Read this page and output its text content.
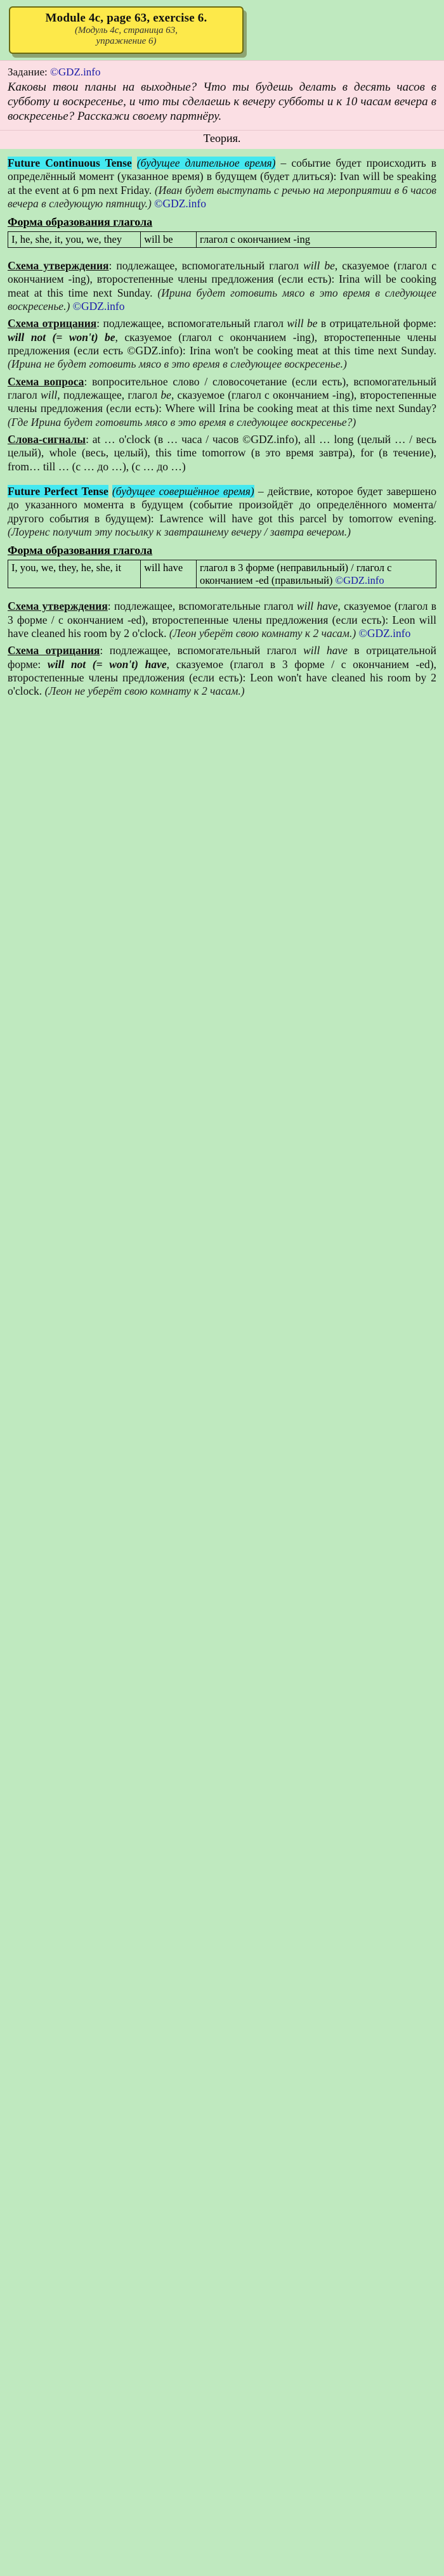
Module 4c, page 63, exercise 6.
(Модуль 4c, страница 63,
упражнение 6)
Задание: ©GDZ.info
Каковы твои планы на выходные? Что ты будешь делать в десять часов в субботу и воскресенье, и что ты сделаешь к вечеру субботы и к 10 часам вечера в воскресенье? Расскажи своему партнёру.
Теория.

Future Continuous Tense (будущее длительное время) – событие будет происходить в определённый момент (указанное время) в будущем (будет длиться): Ivan will be speaking at the event at 6 pm next Friday. (Иван будет выступать с речью на мероприятии в 6 часов вечера в следующую пятницу.) ©GDZ.info

Форма образования глагола
I, he, she, it, you, we, they	will be	глагол с окончанием -ing

Схема утверждения: подлежащее, вспомогательный глагол will be, сказуемое (глагол с окончанием -ing), второстепенные члены предложения (если есть): Irina will be cooking meat at this time next Sunday. (Ирина будет готовить мясо в это время в следующее воскресенье.) ©GDZ.info

Схема отрицания: подлежащее, вспомогательный глагол will be в отрицательной форме: will not (= won't) be, сказуемое (глагол с окончанием -ing), второстепенные члены предложения (если есть ©GDZ.info): Irina won't be cooking meat at this time next Sunday. (Ирина не будет готовить мясо в это время в следующее воскресенье.)

Схема вопроса: вопросительное слово / словосочетание (если есть), вспомогательный глагол will, подлежащее, глагол be, сказуемое (глагол с окончанием -ing), второстепенные члены предложения (если есть): Where will Irina be cooking meat at this time next Sunday? (Где Ирина будет готовить мясо в это время в следующее воскресенье?)

Слова-сигналы: at … o'clock (в … часа / часов ©GDZ.info), all … long (целый … / весь целый), whole (весь, целый), this time tomorrow (в это время завтра), for (в течение), from… till … (с … до …), (с … до …)

Future Perfect Tense (будущее совершённое время) – действие, которое будет завершено до указанного момента в будущем (событие произойдёт до определённого момента/другого события в будущем): Lawrence will have got this parcel by tomorrow evening. (Лоуренс получит эту посылку к завтрашнему вечеру / завтра вечером.)

Форма образования глагола
I, you, we, they, he, she, it	will have	глагол в 3 форме (неправильный) / глагол с окончанием -ed (правильный) ©GDZ.info

Схема утверждения: подлежащее, вспомогательные глагол will have, сказуемое (глагол в 3 форме / с окончанием -ed), второстепенные члены предложения (если есть): Leon will have cleaned his room by 2 o'clock. (Леон уберёт свою комнату к 2 часам.) ©GDZ.info

Схема отрицания: подлежащее, вспомогательный глагол will have в отрицательной форме: will not (= won't) have, сказуемое (глагол в 3 форме / с окончанием -ed), второстепенные члены предложения (если есть): Leon won't have cleaned his room by 2 o'clock. (Леон не уберёт свою комнату к 2 часам.)
